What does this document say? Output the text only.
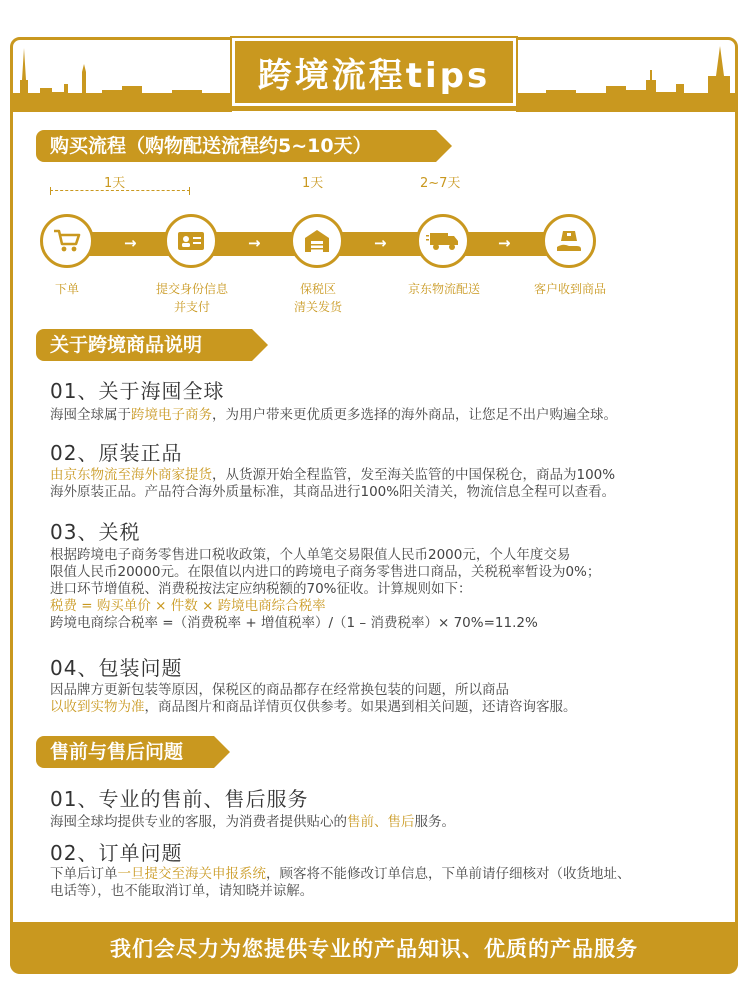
跨境流程tips
购买流程（购物配送流程约5~10天）
1天	1天	2~7天
→	→	→	→
下单	提交身份信息
并支付
保税区
清关发货
京东物流配送	客户收到商品
关于跨境商品说明
01、关于海囤全球
海囤全球属于跨境电子商务，为用户带来更优质更多选择的海外商品，让您足不出户购遍全球。
02、原装正品
由京东物流至海外商家提货，从货源开始全程监管，发至海关监管的中国保税仓，商品为100%
海外原装正品。产品符合海外质量标准，其商品进行100%阳关清关，物流信息全程可以查看。
03、关税
根据跨境电子商务零售进口税收政策，个人单笔交易限值人民币2000元，个人年度交易
限值人民币20000元。在限值以内进口的跨境电子商务零售进口商品，关税税率暂设为0%；
进口环节增值税、消费税按法定应纳税额的70%征收。计算规则如下：
税费 = 购买单价 × 件数 × 跨境电商综合税率
跨境电商综合税率 =（消费税率 + 增值税率）/（1 – 消费税率）× 70%=11.2%
04、包装问题
因品牌方更新包装等原因，保税区的商品都存在经常换包装的问题，所以商品
以收到实物为准，商品图片和商品详情页仅供参考。如果遇到相关问题，还请咨询客服。
售前与售后问题
01、专业的售前、售后服务
海囤全球均提供专业的客服，为消费者提供贴心的售前、售后服务。
02、订单问题
下单后订单一旦提交至海关申报系统，顾客将不能修改订单信息，下单前请仔细核对（收货地址、
电话等），也不能取消订单，请知晓并谅解。
我们会尽力为您提供专业的产品知识、优质的产品服务
